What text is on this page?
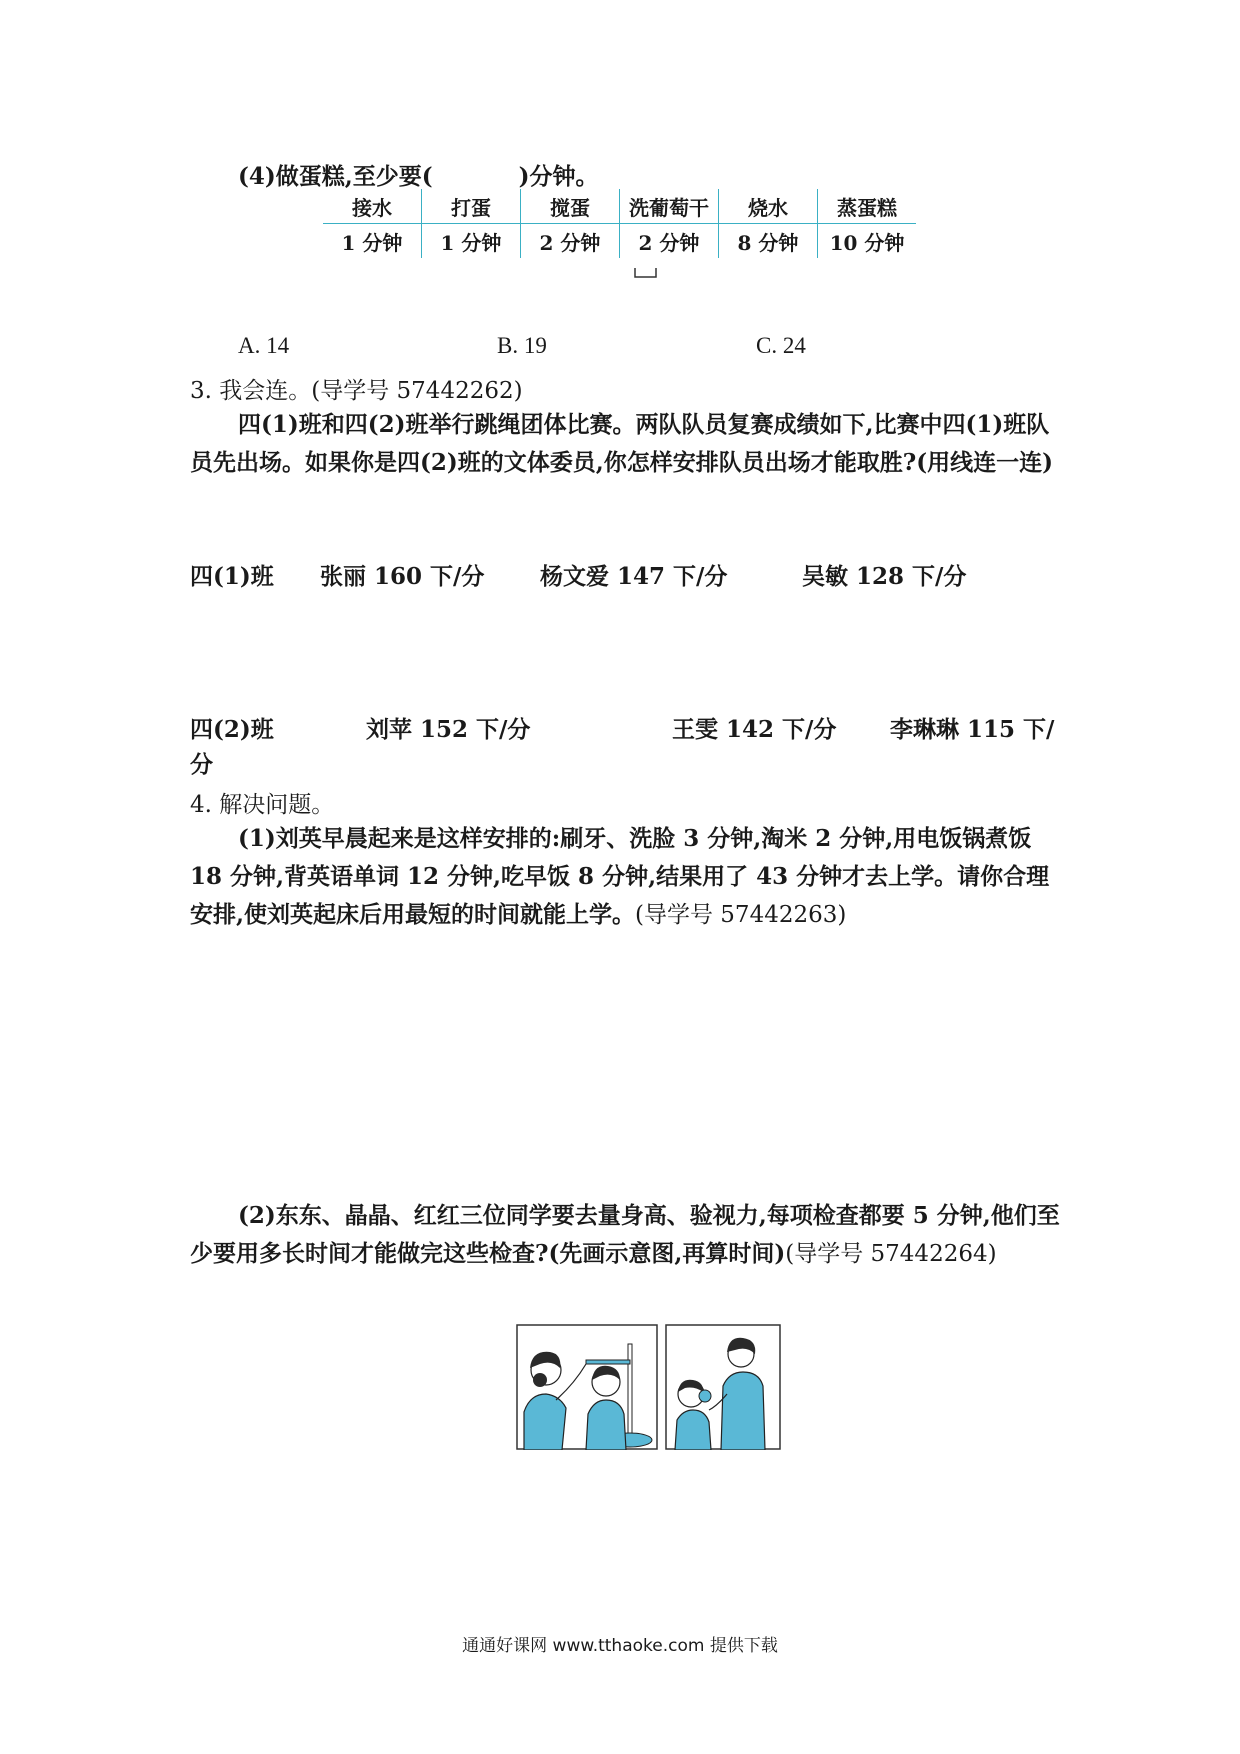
(4)做蛋糕,至少要(	)分钟。
接水	打蛋	搅蛋	洗葡萄干	烧水	蒸蛋糕
1 分钟	1 分钟	2 分钟	2 分钟	8 分钟	10 分钟
A. 14	B. 19	C. 24
3. 我会连。(导学号 57442262)
四(1)班和四(2)班举行跳绳团体比赛。两队队员复赛成绩如下,比赛中四(1)班队员先出场。如果你是四(2)班的文体委员,你怎样安排队员出场才能取胜?(用线连一连)
四(1)班 张丽 160 下/分 杨文爱 147 下/分	吴敏 128 下/分
四(2)班	刘苹 152 下/分	王雯 142 下/分 李琳琳 115 下/
分
4. 解决问题。
(1)刘英早晨起来是这样安排的:刷牙、洗脸 3 分钟,淘米 2 分钟,用电饭锅煮饭 18 分钟,背英语单词 12 分钟,吃早饭 8 分钟,结果用了 43 分钟才去上学。请你合理安排,使刘英起床后用最短的时间就能上学。(导学号 57442263)
(2)东东、晶晶、红红三位同学要去量身高、验视力,每项检查都要 5 分钟,他们至少要用多长时间才能做完这些检查?(先画示意图,再算时间)(导学号 57442264)
通通好课网 www.tthaoke.com 提供下载
